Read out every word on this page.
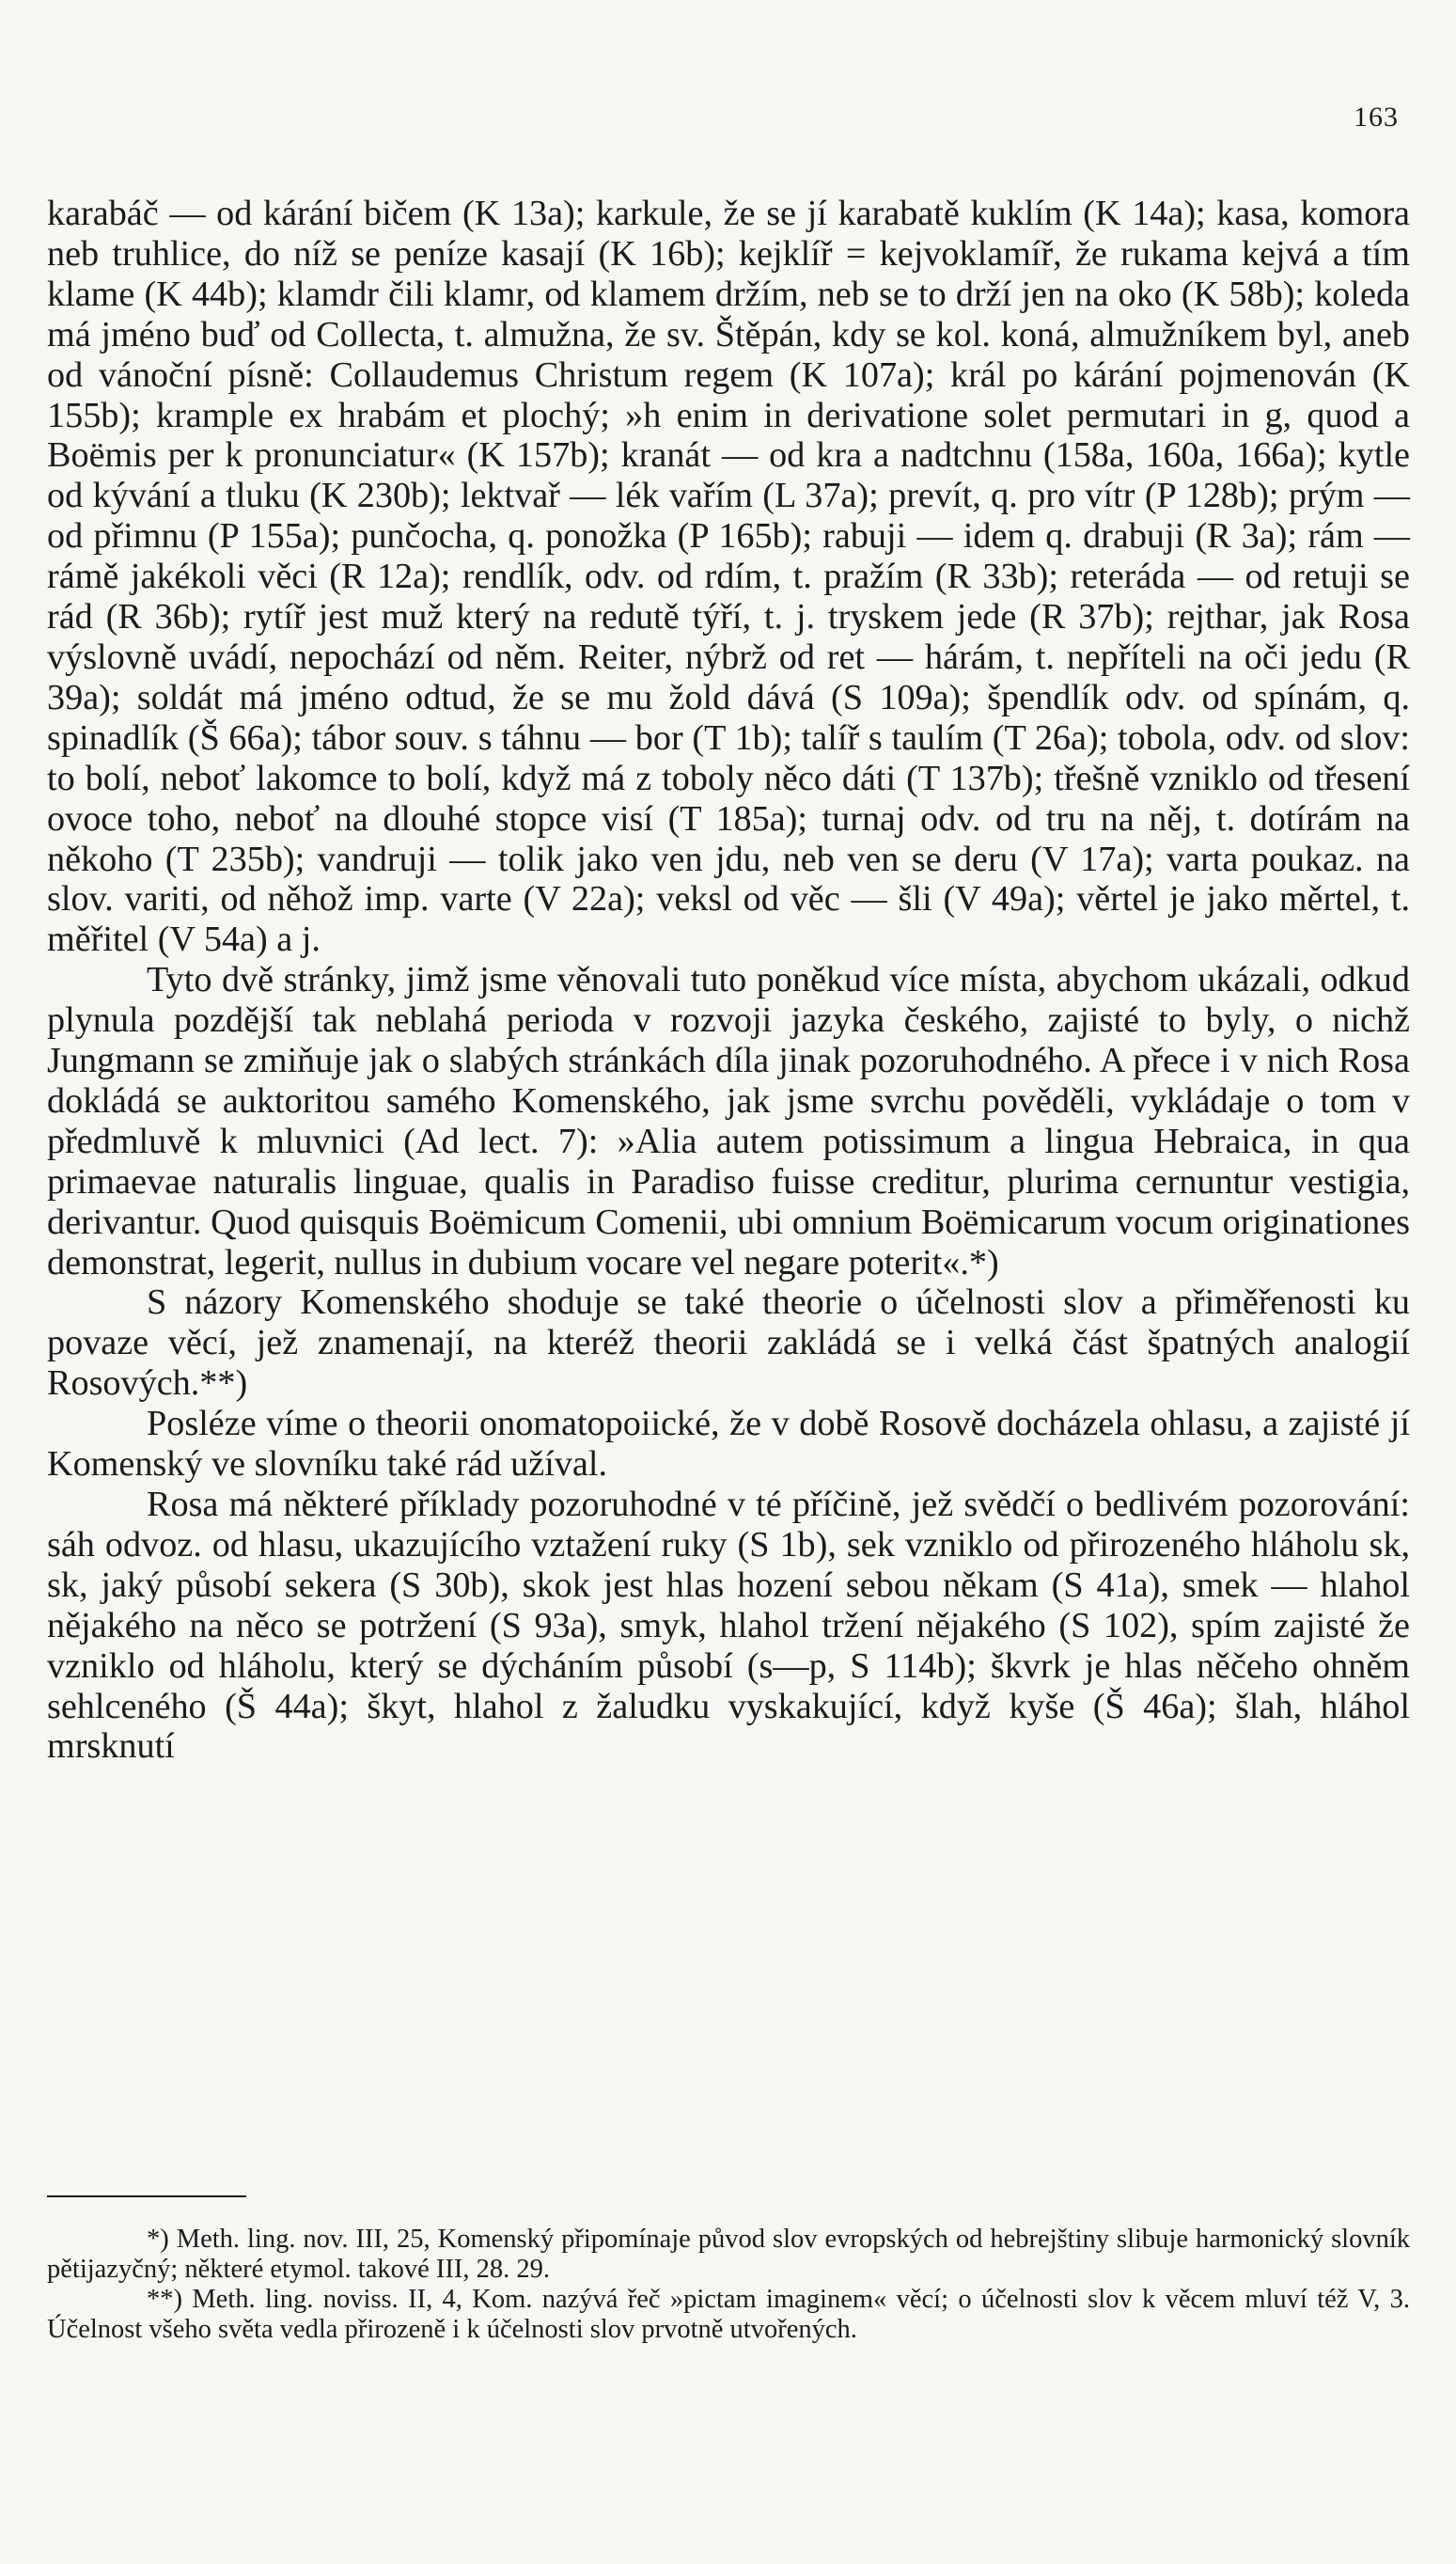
163

karabáč — od kárání bičem (K 13a); karkule, že se jí karabatě kuklím (K 14a); kasa, komora neb truhlice, do níž se peníze kasají (K 16b); kejklíř = kejvoklamíř, že rukama kejvá a tím klame (K 44b); klamdr čili klamr, od klamem držím, neb se to drží jen na oko (K 58b); koleda má jméno buď od Collecta, t. almužna, že sv. Štěpán, kdy se kol. koná, almužníkem byl, aneb od vánoční písně: Collaudemus Christum regem (K 107a); král po kárání pojmenován (K 155b); krample ex hrabám et plochý; »h enim in derivatione solet permutari in g, quod a Boëmis per k pronunciatur« (K 157b); kranát — od kra a nadtchnu (158a, 160a, 166a); kytle od kývání a tluku (K 230b); lektvař — lék vařím (L 37a); prevít, q. pro vítr (P 128b); prým — od přimnu (P 155a); punčocha, q. ponožka (P 165b); rabuji — idem q. drabuji (R 3a); rám — rámě jakékoli věci (R 12a); rendlík, odv. od rdím, t. pražím (R 33b); reteráda — od retuji se rád (R 36b); rytíř jest muž který na redutě týří, t. j. tryskem jede (R 37b); rejthar, jak Rosa výslovně uvádí, nepochází od něm. Reiter, nýbrž od ret — hárám, t. nepříteli na oči jedu (R 39a); soldát má jméno odtud, že se mu žold dává (S 109a); špendlík odv. od spínám, q. spinadlík (Š 66a); tábor souv. s táhnu — bor (T 1b); talíř s taulím (T 26a); tobola, odv. od slov: to bolí, neboť lakomce to bolí, když má z toboly něco dáti (T 137b); třešně vzniklo od třesení ovoce toho, neboť na dlouhé stopce visí (T 185a); turnaj odv. od tru na něj, t. dotírám na někoho (T 235b); vandruji — tolik jako ven jdu, neb ven se deru (V 17a); varta poukaz. na slov. variti, od něhož imp. varte (V 22a); veksl od věc — šli (V 49a); věrtel je jako měrtel, t. měřitel (V 54a) a j.

Tyto dvě stránky, jimž jsme věnovali tuto poněkud více místa, abychom ukázali, odkud plynula pozdější tak neblahá perioda v rozvoji jazyka českého, zajisté to byly, o nichž Jungmann se zmiňuje jak o slabých stránkách díla jinak pozoruhodného. A přece i v nich Rosa dokládá se auktoritou samého Komenského, jak jsme svrchu pověděli, vykládaje o tom v předmluvě k mluvnici (Ad lect. 7): »Alia autem potissimum a lingua Hebraica, in qua primaevae naturalis linguae, qualis in Paradiso fuisse creditur, plurima cernuntur vestigia, derivantur. Quod quisquis Boëmicum Comenii, ubi omnium Boëmicarum vocum originationes demonstrat, legerit, nullus in dubium vocare vel negare poterit«.*)

S názory Komenského shoduje se také theorie o účelnosti slov a přiměřenosti ku povaze věcí, jež znamenají, na kteréž theorii zakládá se i velká část špatných analogií Rosových.**)

Posléze víme o theorii onomatopoiické, že v době Rosově docházela ohlasu, a zajisté jí Komenský ve slovníku také rád užíval.

Rosa má některé příklady pozoruhodné v té příčině, jež svědčí o bedlivém pozorování: sáh odvoz. od hlasu, ukazujícího vztažení ruky (S 1b), sek vzniklo od přirozeného hláholu sk, sk, jaký působí sekera (S 30b), skok jest hlas hození sebou někam (S 41a), smek — hlahol nějakého na něco se potržení (S 93a), smyk, hlahol tržení nějakého (S 102), spím zajisté že vzniklo od hláholu, který se dýcháním působí (s—p, S 114b); škvrk je hlas něčeho ohněm sehlceného (Š 44a); škyt, hlahol z žaludku vyskakující, když kyše (Š 46a); šlah, hláhol mrsknutí

*) Meth. ling. nov. III, 25, Komenský připomínaje původ slov evropských od hebrejštiny slibuje harmonický slovník pětijazyčný; některé etymol. takové III, 28. 29.

**) Meth. ling. noviss. II, 4, Kom. nazývá řeč »pictam imaginem« věcí; o účelnosti slov k věcem mluví též V, 3. Účelnost všeho světa vedla přirozeně i k účelnosti slov prvotně utvořených.
